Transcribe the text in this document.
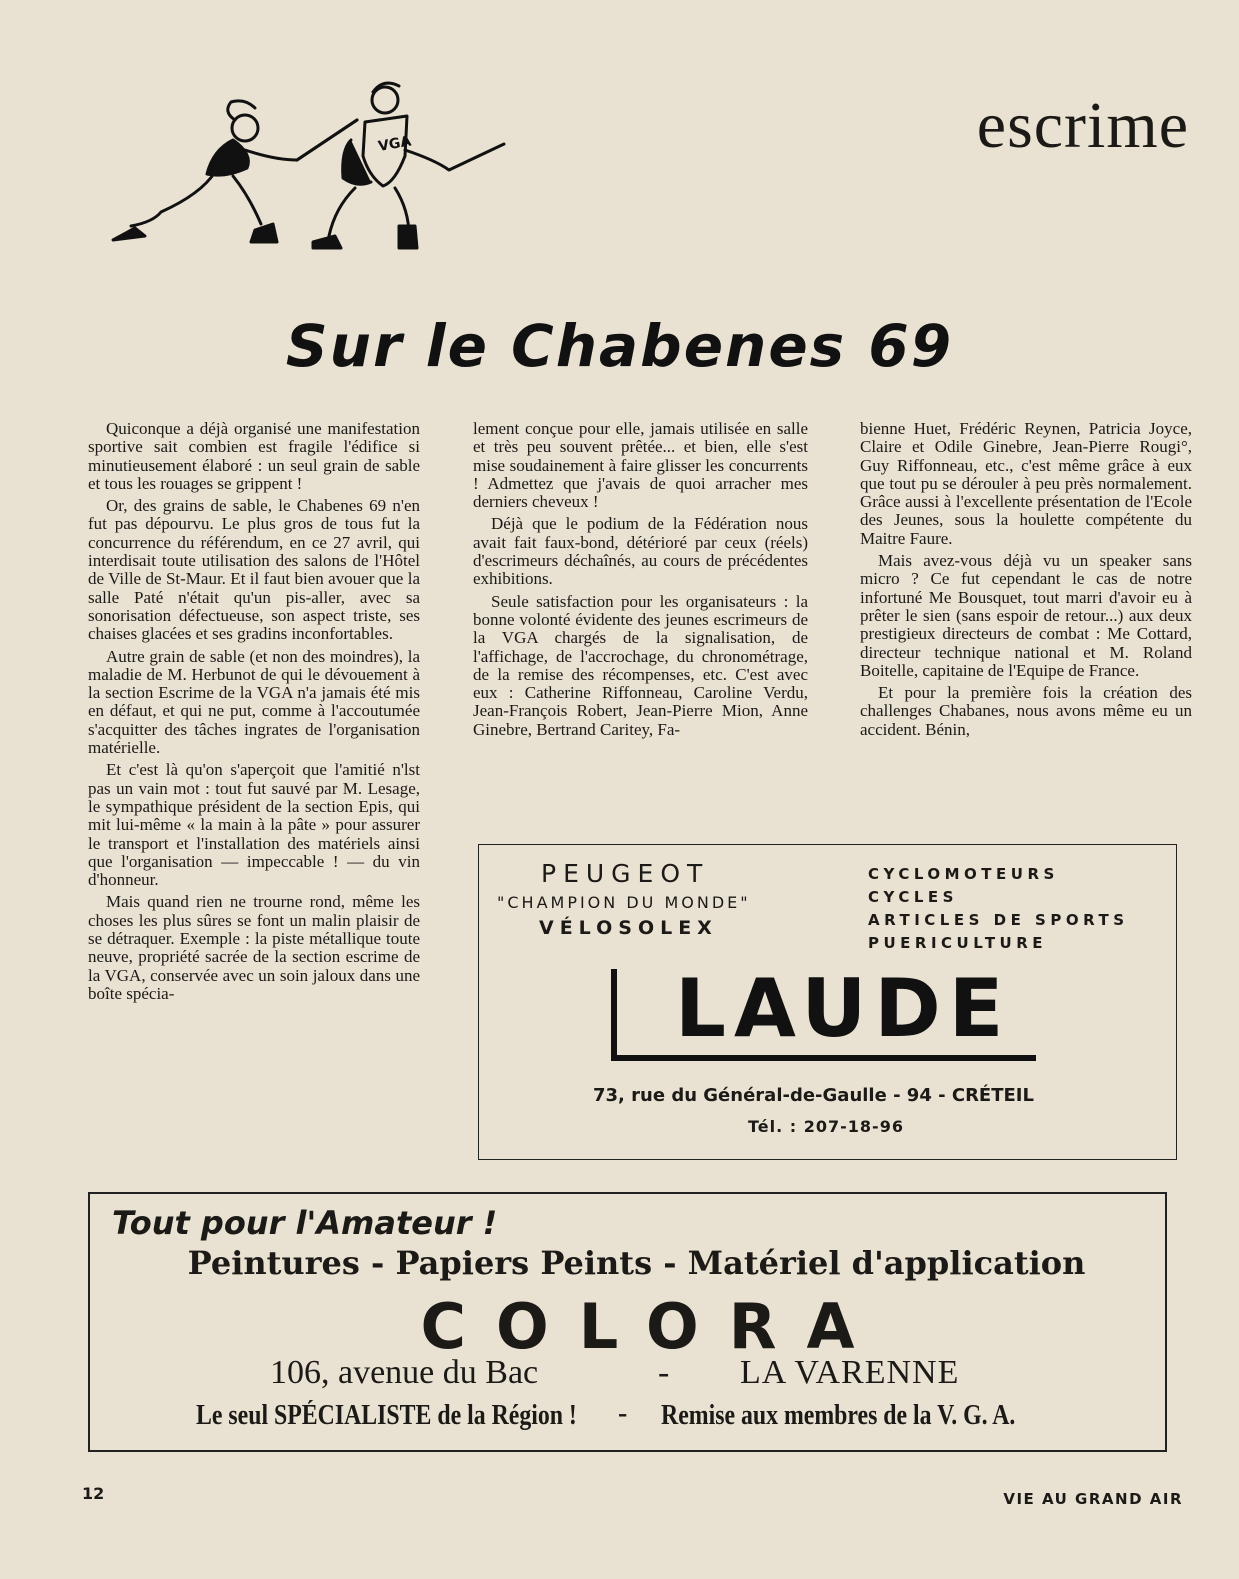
VGA	escrime
Sur le Chabenes 69

Quiconque a déjà organisé une manifestation sportive sait combien est fragile l'édifice si minutieusement élaboré : un seul grain de sable et tous les rouages se grippent !

Or, des grains de sable, le Chabenes 69 n'en fut pas dépourvu. Le plus gros de tous fut la concurrence du référendum, en ce 27 avril, qui interdisait toute utilisation des salons de l'Hôtel de Ville de St-Maur. Et il faut bien avouer que la salle Paté n'était qu'un pis-aller, avec sa sonorisation défectueuse, son aspect triste, ses chaises glacées et ses gradins inconfortables.

Autre grain de sable (et non des moindres), la maladie de M. Herbunot de qui le dévouement à la section Escrime de la VGA n'a jamais été mis en défaut, et qui ne put, comme à l'accoutumée s'acquitter des tâches ingrates de l'organisation matérielle.

Et c'est là qu'on s'aperçoit que l'amitié n'lst pas un vain mot : tout fut sauvé par M. Lesage, le sympathique président de la section Epis, qui mit lui-même « la main à la pâte » pour assurer le transport et l'installation des matériels ainsi que l'organisation — impeccable ! — du vin d'honneur.

Mais quand rien ne trourne rond, même les choses les plus sûres se font un malin plaisir de se détraquer. Exemple : la piste métallique toute neuve, propriété sacrée de la section escrime de la VGA, conservée avec un soin jaloux dans une boîte spécia-

lement conçue pour elle, jamais utilisée en salle et très peu souvent prêtée... et bien, elle s'est mise soudainement à faire glisser les concurrents ! Admettez que j'avais de quoi arracher mes derniers cheveux !

Déjà que le podium de la Fédération nous avait fait faux-bond, détérioré par ceux (réels) d'escrimeurs déchaînés, au cours de précédentes exhibitions.

Seule satisfaction pour les organisateurs : la bonne volonté évidente des jeunes escrimeurs de la VGA chargés de la signalisation, de l'affichage, de l'accrochage, du chronométrage, de la remise des récompenses, etc. C'est avec eux : Catherine Riffonneau, Caroline Verdu, Jean-François Robert, Jean-Pierre Mion, Anne Ginebre, Bertrand Caritey, Fa-

bienne Huet, Frédéric Reynen, Patricia Joyce, Claire et Odile Ginebre, Jean-Pierre Rougi°, Guy Riffonneau, etc., c'est même grâce à eux que tout pu se dérouler à peu près normalement. Grâce aussi à l'excellente présentation de l'Ecole des Jeunes, sous la houlette compétente du Maitre Faure.

Mais avez-vous déjà vu un speaker sans micro ? Ce fut cependant le cas de notre infortuné Me Bousquet, tout marri d'avoir eu à prêter le sien (sans espoir de retour...) aux deux prestigieux directeurs de combat : Me Cottard, directeur technique national et M. Roland Boitelle, capitaine de l'Equipe de France.

Et pour la première fois la création des challenges Chabanes, nous avons même eu un accident. Bénin,

PEUGEOT
"CHAMPION DU MONDE"
VÉLOSOLEX
CYCLOMOTEURS
CYCLES
ARTICLES DE SPORTS
PUERICULTURE
LAUDE
73, rue du Général-de-Gaulle - 94 - CRÉTEIL
Tél. : 207-18-96
Tout pour l'Amateur !
Peintures - Papiers Peints - Matériel d'application
COLORA
106, avenue du Bac	- LA VARENNE
Le seul SPÉCIALISTE de la Région ! - Remise aux membres de la V. G. A.
12	VIE AU GRAND AIR
